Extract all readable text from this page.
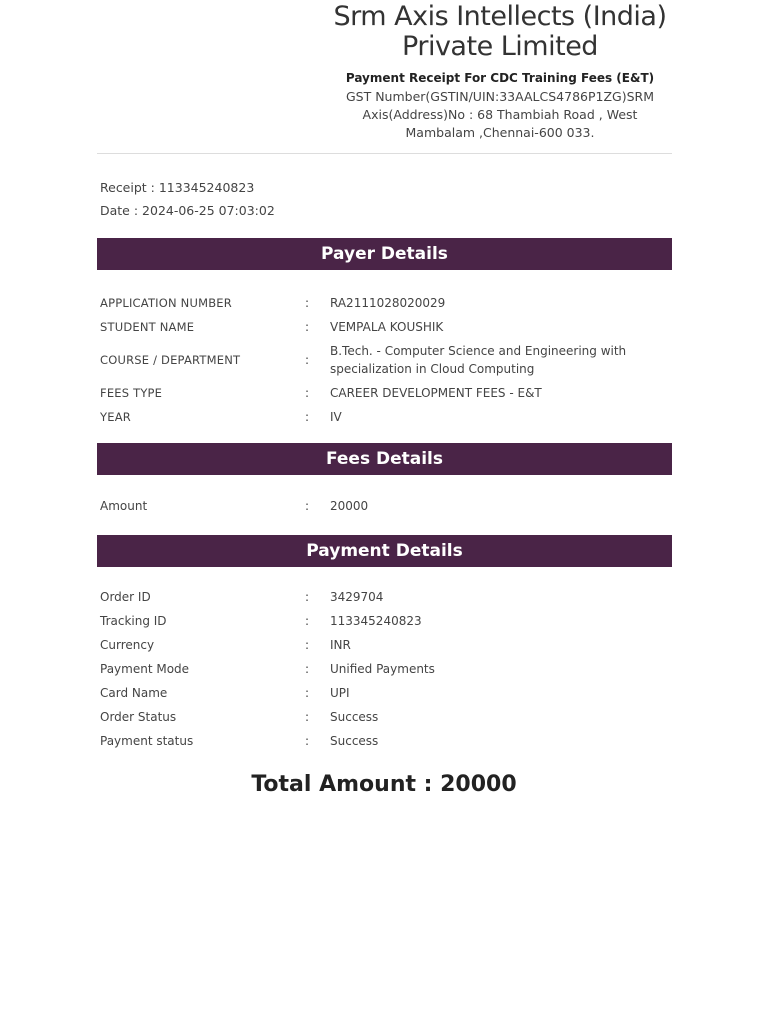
Srm Axis Intellects (India)
Private Limited
Payment Receipt For CDC Training Fees (E&T)
GST Number(GSTIN/UIN:33AALCS4786P1ZG)SRM
Axis(Address)No : 68 Thambiah Road , West
Mambalam ,Chennai-600 033.
Receipt : 113345240823
Date : 2024-06-25 07:03:02
Payer Details
APPLICATION NUMBER	:	RA2111028020029
STUDENT NAME	:	VEMPALA KOUSHIK
COURSE / DEPARTMENT	:
B.Tech. - Computer Science and Engineering with specialization in Cloud Computing
FEES TYPE	:	CAREER DEVELOPMENT FEES - E&T
YEAR	:	IV
Fees Details
Amount	:	20000
Payment Details
Order ID	:	3429704
Tracking ID	:	113345240823
Currency	:	INR
Payment Mode	:	Unified Payments
Card Name	:	UPI
Order Status	:	Success
Payment status	:	Success
Total Amount : 20000
